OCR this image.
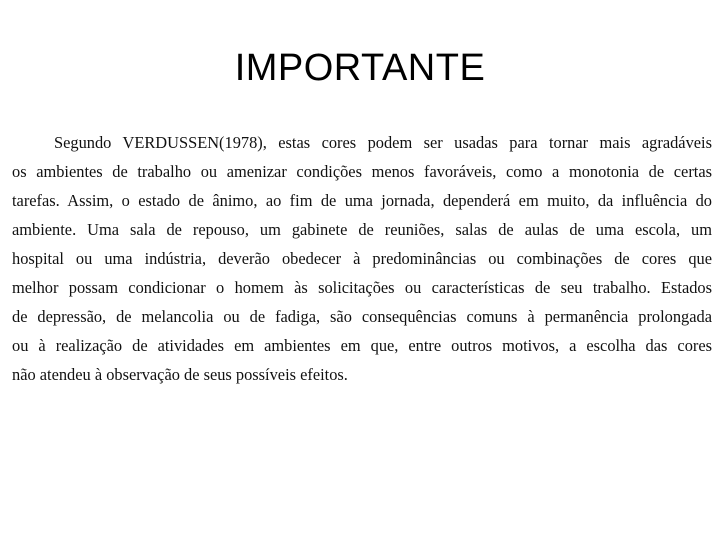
IMPORTANTE
Segundo VERDUSSEN(1978), estas cores podem ser usadas para tornar mais agradáveis
os ambientes de trabalho ou amenizar condições menos favoráveis, como a monotonia de certas
tarefas. Assim, o estado de ânimo, ao fim de uma jornada, dependerá em muito, da influência do
ambiente. Uma sala de repouso, um gabinete de reuniões, salas de aulas de uma escola, um
hospital ou uma indústria, deverão obedecer à predominâncias ou combinações de cores que
melhor possam condicionar o homem às solicitações ou características de seu trabalho. Estados
de depressão, de melancolia ou de fadiga, são consequências comuns à permanência prolongada
ou à realização de atividades em ambientes em que, entre outros motivos, a escolha das cores
não atendeu à observação de seus possíveis efeitos.
